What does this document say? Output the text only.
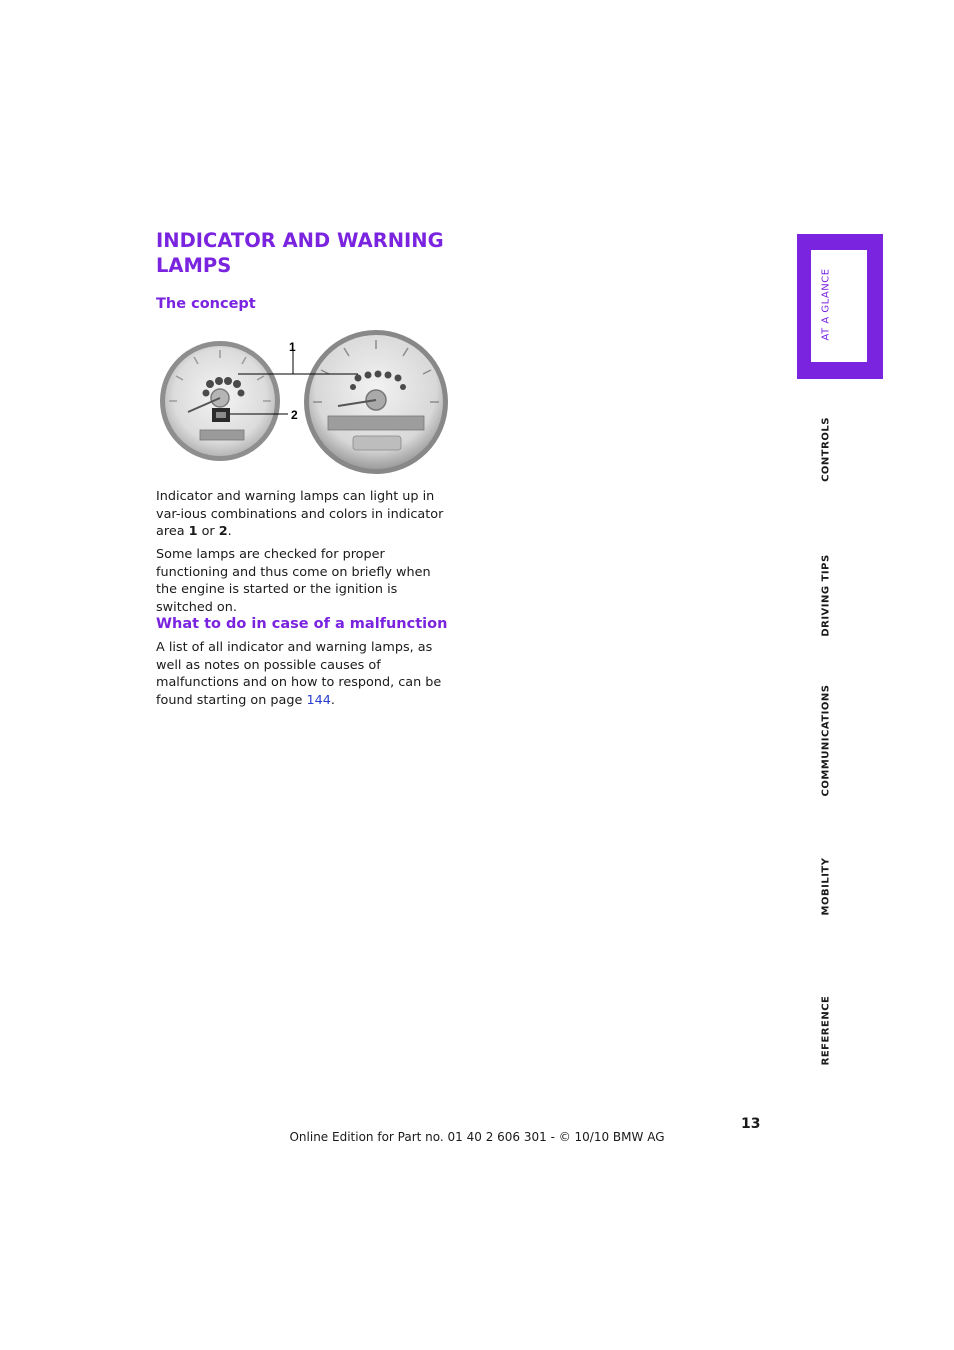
INDICATOR AND WARNING LAMPS
The concept
1
2

Indicator and warning lamps can light up in var-ious combinations and colors in indicator area 1 or 2.

Some lamps are checked for proper functioning and thus come on briefly when the engine is started or the ignition is switched on.

What to do in case of a malfunction

A list of all indicator and warning lamps, as well as notes on possible causes of malfunctions and on how to respond, can be found starting on page 144.

AT A GLANCE
CONTROLS
DRIVING TIPS
COMMUNICATIONS
MOBILITY
REFERENCE
13
Online Edition for Part no. 01 40 2 606 301 - © 10/10 BMW AG
